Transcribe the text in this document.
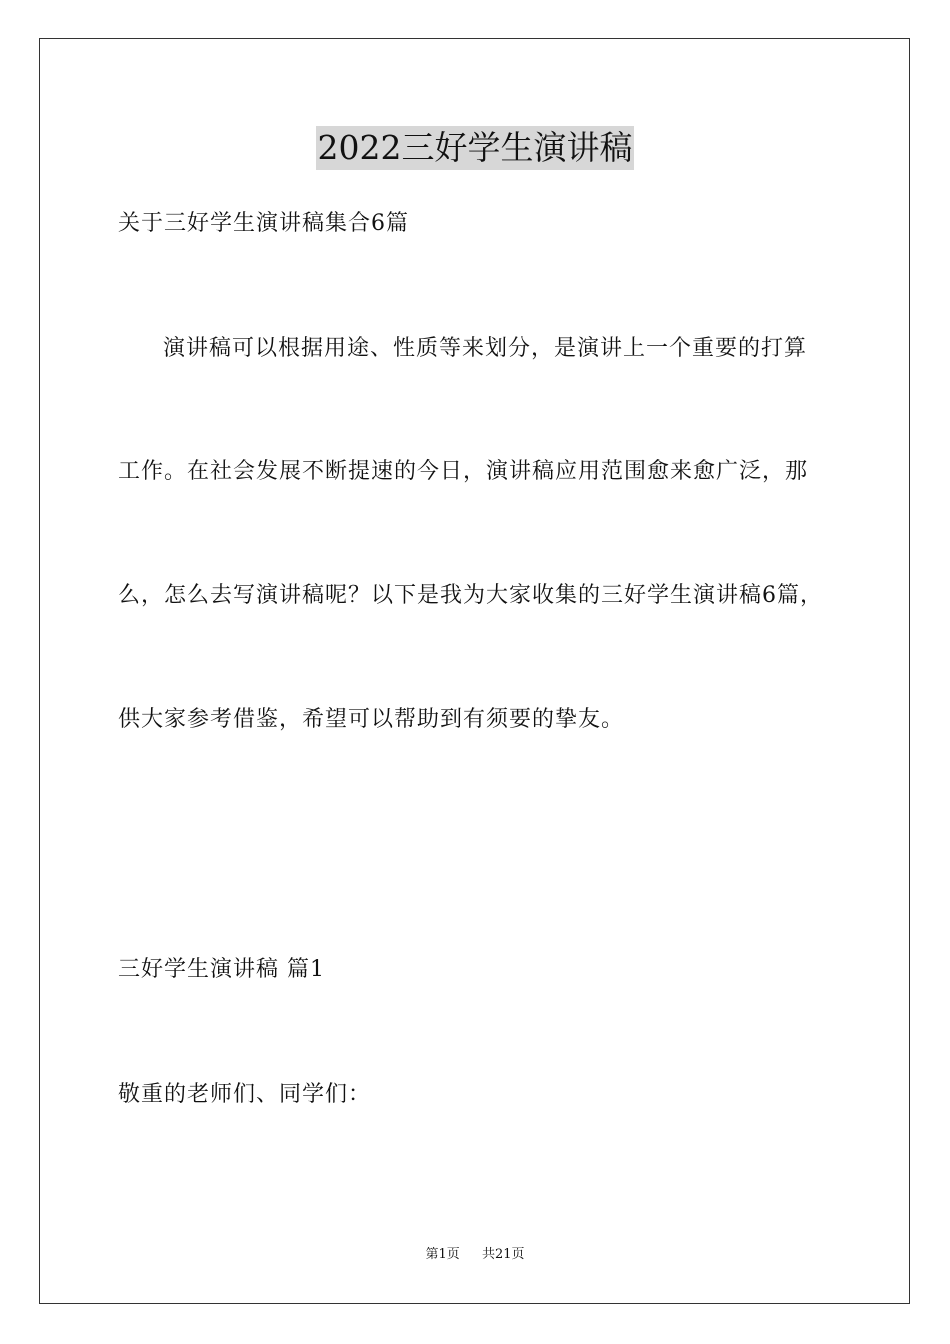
2022三好学生演讲稿
关于三好学生演讲稿集合6篇
演讲稿可以根据用途、性质等来划分，是演讲上一个重要的打算
工作。在社会发展不断提速的今日，演讲稿应用范围愈来愈广泛，那
么，怎么去写演讲稿呢？以下是我为大家收集的三好学生演讲稿6篇，
供大家参考借鉴，希望可以帮助到有须要的挚友。
三好学生演讲稿 篇1
敬重的老师们、同学们：
第1页 共21页
